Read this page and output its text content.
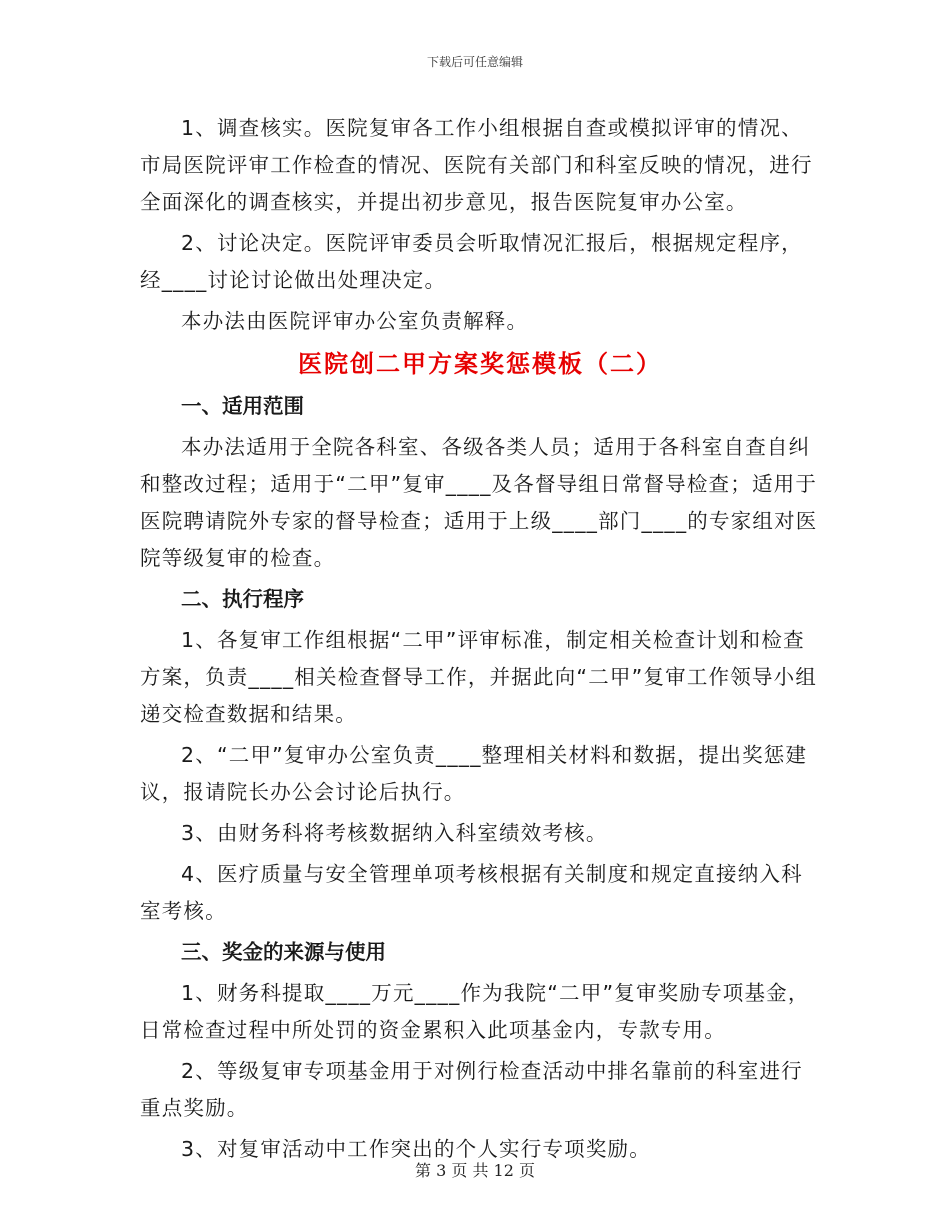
下载后可任意编辑

1、调查核实。医院复审各工作小组根据自查或模拟评审的情况、市局医院评审工作检查的情况、医院有关部门和科室反映的情况，进行全面深化的调查核实，并提出初步意见，报告医院复审办公室。

2、讨论决定。医院评审委员会听取情况汇报后，根据规定程序，经____讨论讨论做出处理决定。

本办法由医院评审办公室负责解释。

医院创二甲方案奖惩模板（二）
一、适用范围

本办法适用于全院各科室、各级各类人员；适用于各科室自查自纠和整改过程；适用于“二甲”复审____及各督导组日常督导检查；适用于医院聘请院外专家的督导检查；适用于上级____部门____的专家组对医院等级复审的检查。

二、执行程序

1、各复审工作组根据“二甲”评审标准，制定相关检查计划和检查方案，负责____相关检查督导工作，并据此向“二甲”复审工作领导小组递交检查数据和结果。

2、“二甲”复审办公室负责____整理相关材料和数据，提出奖惩建议，报请院长办公会讨论后执行。

3、由财务科将考核数据纳入科室绩效考核。

4、医疗质量与安全管理单项考核根据有关制度和规定直接纳入科室考核。

三、奖金的来源与使用

1、财务科提取____万元____作为我院“二甲”复审奖励专项基金，日常检查过程中所处罚的资金累积入此项基金内，专款专用。

2、等级复审专项基金用于对例行检查活动中排名靠前的科室进行重点奖励。

3、对复审活动中工作突出的个人实行专项奖励。

第 3 页 共 12 页
